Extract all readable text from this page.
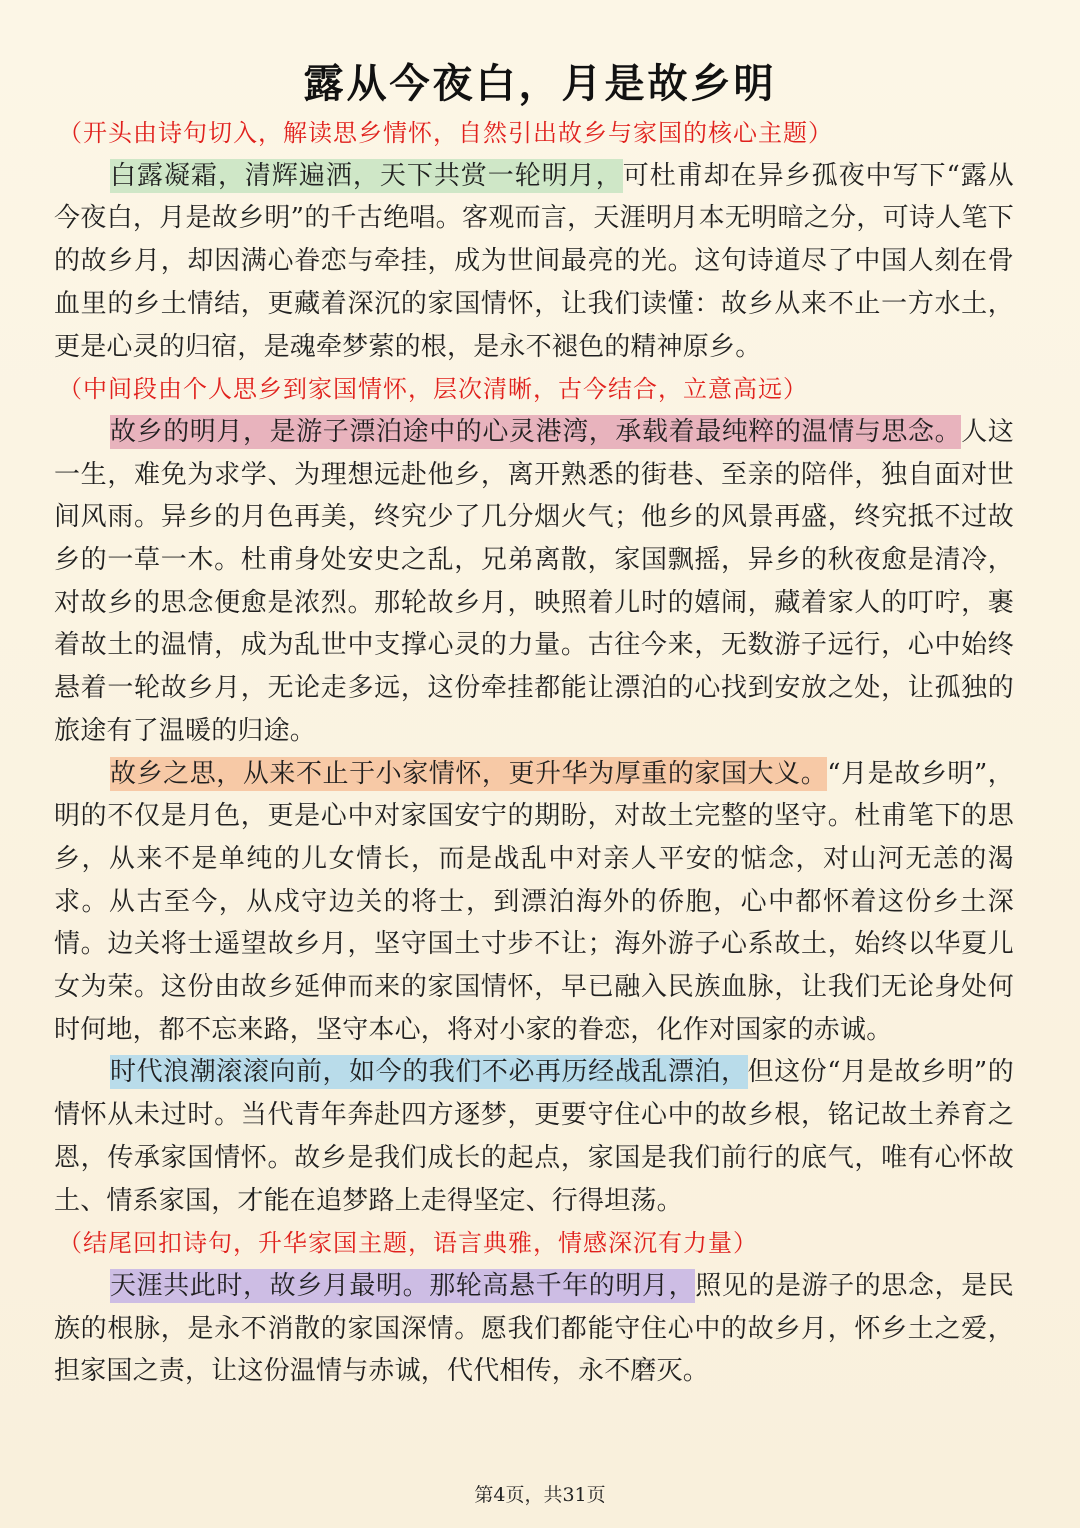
露从今夜白，月是故乡明

（开头由诗句切入，解读思乡情怀，自然引出故乡与家国的核心主题）

白露凝霜，清辉遍洒，天下共赏一轮明月，可杜甫却在异乡孤夜中写下“露从今夜白，月是故乡明”的千古绝唱。客观而言，天涯明月本无明暗之分，可诗人笔下的故乡月，却因满心眷恋与牵挂，成为世间最亮的光。这句诗道尽了中国人刻在骨血里的乡土情结，更藏着深沉的家国情怀，让我们读懂：故乡从来不止一方水土，更是心灵的归宿，是魂牵梦萦的根，是永不褪色的精神原乡。

（中间段由个人思乡到家国情怀，层次清晰，古今结合，立意高远）

故乡的明月，是游子漂泊途中的心灵港湾，承载着最纯粹的温情与思念。人这一生，难免为求学、为理想远赴他乡，离开熟悉的街巷、至亲的陪伴，独自面对世间风雨。异乡的月色再美，终究少了几分烟火气；他乡的风景再盛，终究抵不过故乡的一草一木。杜甫身处安史之乱，兄弟离散，家国飘摇，异乡的秋夜愈是清冷，对故乡的思念便愈是浓烈。那轮故乡月，映照着儿时的嬉闹，藏着家人的叮咛，裹着故土的温情，成为乱世中支撑心灵的力量。古往今来，无数游子远行，心中始终悬着一轮故乡月，无论走多远，这份牵挂都能让漂泊的心找到安放之处，让孤独的旅途有了温暖的归途。

故乡之思，从来不止于小家情怀，更升华为厚重的家国大义。“月是故乡明”，明的不仅是月色，更是心中对家国安宁的期盼，对故土完整的坚守。杜甫笔下的思乡，从来不是单纯的儿女情长，而是战乱中对亲人平安的惦念，对山河无恙的渴求。从古至今，从戍守边关的将士，到漂泊海外的侨胞，心中都怀着这份乡土深情。边关将士遥望故乡月，坚守国土寸步不让；海外游子心系故土，始终以华夏儿女为荣。这份由故乡延伸而来的家国情怀，早已融入民族血脉，让我们无论身处何时何地，都不忘来路，坚守本心，将对小家的眷恋，化作对国家的赤诚。

时代浪潮滚滚向前，如今的我们不必再历经战乱漂泊，但这份“月是故乡明”的情怀从未过时。当代青年奔赴四方逐梦，更要守住心中的故乡根，铭记故土养育之恩，传承家国情怀。故乡是我们成长的起点，家国是我们前行的底气，唯有心怀故土、情系家国，才能在追梦路上走得坚定、行得坦荡。

（结尾回扣诗句，升华家国主题，语言典雅，情感深沉有力量）

天涯共此时，故乡月最明。那轮高悬千年的明月，照见的是游子的思念，是民族的根脉，是永不消散的家国深情。愿我们都能守住心中的故乡月，怀乡土之爱，担家国之责，让这份温情与赤诚，代代相传，永不磨灭。

第4页，共31页
